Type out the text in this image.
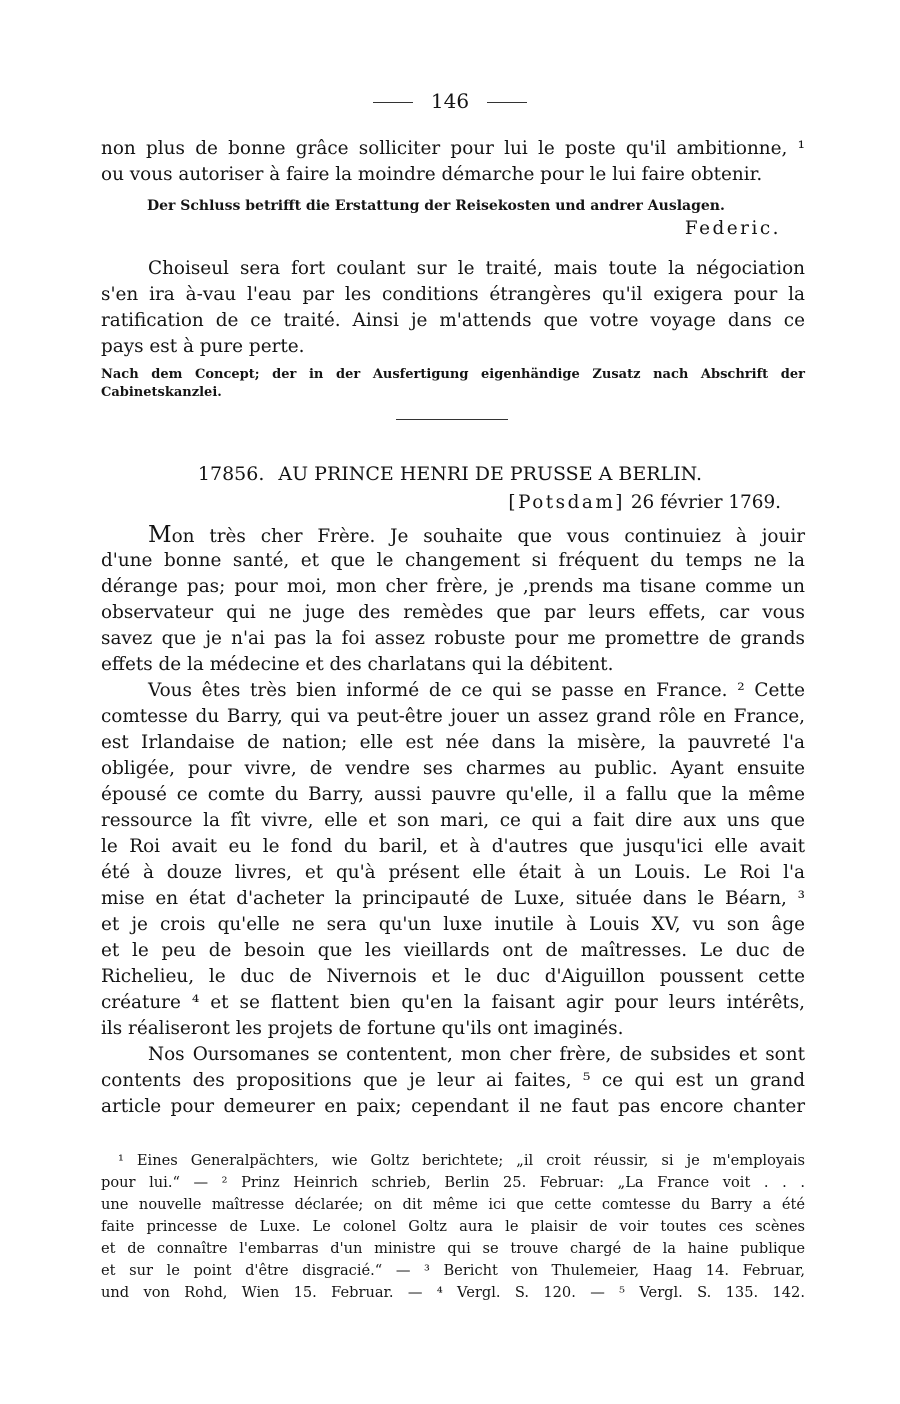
146
non plus de bonne grâce solliciter pour lui le poste qu'il ambitionne, ¹
ou vous autoriser à faire la moindre démarche pour le lui faire obtenir.
Der Schluss betrifft die Erstattung der Reisekosten und andrer Auslagen.
Federic.
Choiseul sera fort coulant sur le traité, mais toute la négociation
s'en ira à-vau l'eau par les conditions étrangères qu'il exigera pour la
ratification de ce traité. Ainsi je m'attends que votre voyage dans ce
pays est à pure perte.
Nach dem Concept; der in der Ausfertigung eigenhändige Zusatz nach Abschrift der
Cabinetskanzlei.
17856. AU PRINCE HENRI DE PRUSSE A BERLIN.
[Potsdam] 26 février 1769.
Mon très cher Frère. Je souhaite que vous continuiez à jouir
d'une bonne santé, et que le changement si fréquent du temps ne la
dérange pas; pour moi, mon cher frère, je ,prends ma tisane comme un
observateur qui ne juge des remèdes que par leurs effets, car vous
savez que je n'ai pas la foi assez robuste pour me promettre de grands
effets de la médecine et des charlatans qui la débitent.
Vous êtes très bien informé de ce qui se passe en France. ² Cette
comtesse du Barry, qui va peut-être jouer un assez grand rôle en France,
est Irlandaise de nation; elle est née dans la misère, la pauvreté l'a
obligée, pour vivre, de vendre ses charmes au public. Ayant ensuite
épousé ce comte du Barry, aussi pauvre qu'elle, il a fallu que la même
ressource la fît vivre, elle et son mari, ce qui a fait dire aux uns que
le Roi avait eu le fond du baril, et à d'autres que jusqu'ici elle avait
été à douze livres, et qu'à présent elle était à un Louis. Le Roi l'a
mise en état d'acheter la principauté de Luxe, située dans le Béarn, ³
et je crois qu'elle ne sera qu'un luxe inutile à Louis XV, vu son âge
et le peu de besoin que les vieillards ont de maîtresses. Le duc de
Richelieu, le duc de Nivernois et le duc d'Aiguillon poussent cette
créature ⁴ et se flattent bien qu'en la faisant agir pour leurs intérêts,
ils réaliseront les projets de fortune qu'ils ont imaginés.
Nos Oursomanes se contentent, mon cher frère, de subsides et sont
contents des propositions que je leur ai faites, ⁵ ce qui est un grand
article pour demeurer en paix; cependant il ne faut pas encore chanter
¹ Eines Generalpächters, wie Goltz berichtete; „il croit réussir, si je m'employais
pour lui.“ — ² Prinz Heinrich schrieb, Berlin 25. Februar: „La France voit . . .
une nouvelle maîtresse déclarée; on dit même ici que cette comtesse du Barry a été
faite princesse de Luxe. Le colonel Goltz aura le plaisir de voir toutes ces scènes
et de connaître l'embarras d'un ministre qui se trouve chargé de la haine publique
et sur le point d'être disgracié.“ — ³ Bericht von Thulemeier, Haag 14. Februar,
und von Rohd, Wien 15. Februar. — ⁴ Vergl. S. 120. — ⁵ Vergl. S. 135. 142.
